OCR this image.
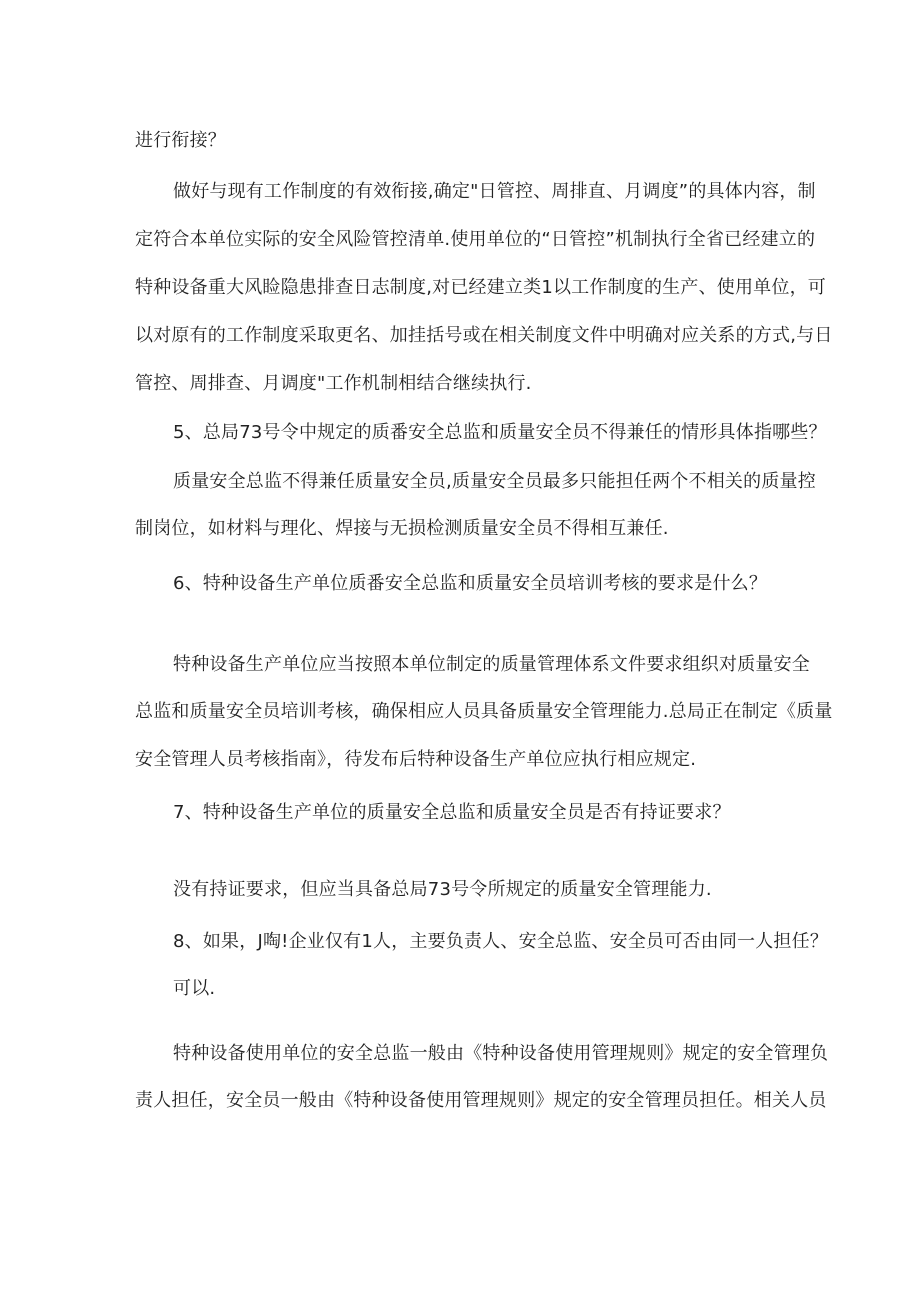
进行衔接？
做好与现有工作制度的有效衔接,确定"日管控、周排直、月调度”的具体内容，制
定符合本单位实际的安全风险管控清单.使用单位的“日管控”机制执行全省已经建立的
特种设备重大风睑隐患排查日志制度,对已经建立类1以工作制度的生产、使用单位，可
以对原有的工作制度采取更名、加挂括号或在相关制度文件中明确对应关系的方式,与日
管控、周排查、月调度"工作机制相结合继续执行.
5、总局73号令中规定的质番安全总监和质量安全员不得兼任的情形具体指哪些？
质量安全总监不得兼任质量安全员,质量安全员最多只能担任两个不相关的质量控
制岗位，如材料与理化、焊接与无损检测质量安全员不得相互兼任.
6、特种设备生产单位质番安全总监和质量安全员培训考核的要求是什么？
特种设备生产单位应当按照本单位制定的质量管理体系文件要求组织对质量安全
总监和质量安全员培训考核，确保相应人员具备质量安全管理能力.总局正在制定《质量
安全管理人员考核指南》，待发布后特种设备生产单位应执行相应规定.
7、特种设备生产单位的质量安全总监和质量安全员是否有持证要求？
没有持证要求，但应当具备总局73号令所规定的质量安全管理能力.
8、如果，J啕!企业仅有1人，主要负责人、安全总监、安全员可否由同一人担任？
可以.
特种设备使用单位的安全总监一般由《特种设备使用管理规则》规定的安全管理负
责人担任，安全员一般由《特种设备使用管理规则》规定的安全管理员担任。相关人员
